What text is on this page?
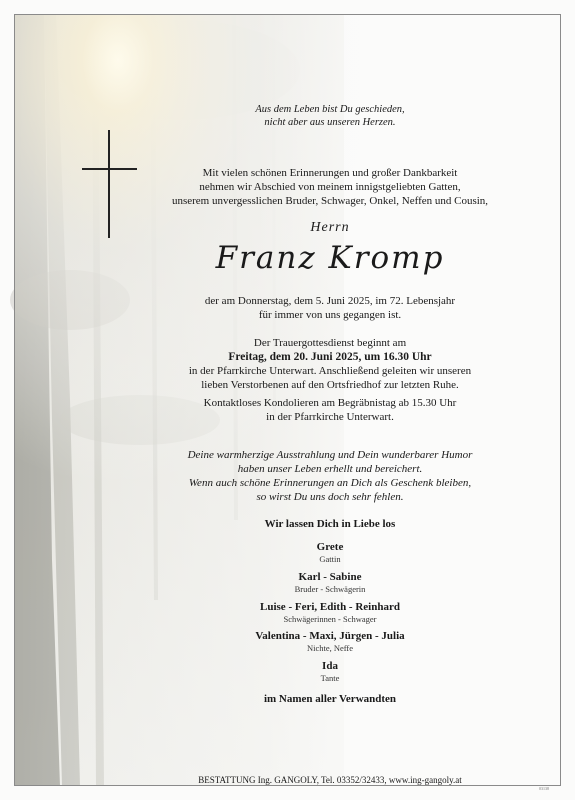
Aus dem Leben bist Du geschieden,
nicht aber aus unseren Herzen.
Mit vielen schönen Erinnerungen und großer Dankbarkeit
nehmen wir Abschied von meinem innigstgeliebten Gatten,
unserem unvergesslichen Bruder, Schwager, Onkel, Neffen und Cousin,
Herrn
Franz Kromp
der am Donnerstag, dem 5. Juni 2025, im 72. Lebensjahr
für immer von uns gegangen ist.
Der Trauergottesdienst beginnt am
Freitag, dem 20. Juni 2025, um 16.30 Uhr
in der Pfarrkirche Unterwart. Anschließend geleiten wir unseren
lieben Verstorbenen auf den Ortsfriedhof zur letzten Ruhe.
Kontaktloses Kondolieren am Begräbnistag ab 15.30 Uhr
in der Pfarrkirche Unterwart.
Deine warmherzige Ausstrahlung und Dein wunderbarer Humor
haben unser Leben erhellt und bereichert.
Wenn auch schöne Erinnerungen an Dich als Geschenk bleiben,
so wirst Du uns doch sehr fehlen.
Wir lassen Dich in Liebe los
Grete
Gattin
Karl - Sabine
Bruder - Schwägerin
Luise - Feri, Edith - Reinhard
Schwägerinnen - Schwager
Valentina - Maxi, Jürgen - Julia
Nichte, Neffe
Ida
Tante
im Namen aller Verwandten
BESTATTUNG Ing. GANGOLY, Tel. 03352/32433, www.ing-gangoly.at
03138
